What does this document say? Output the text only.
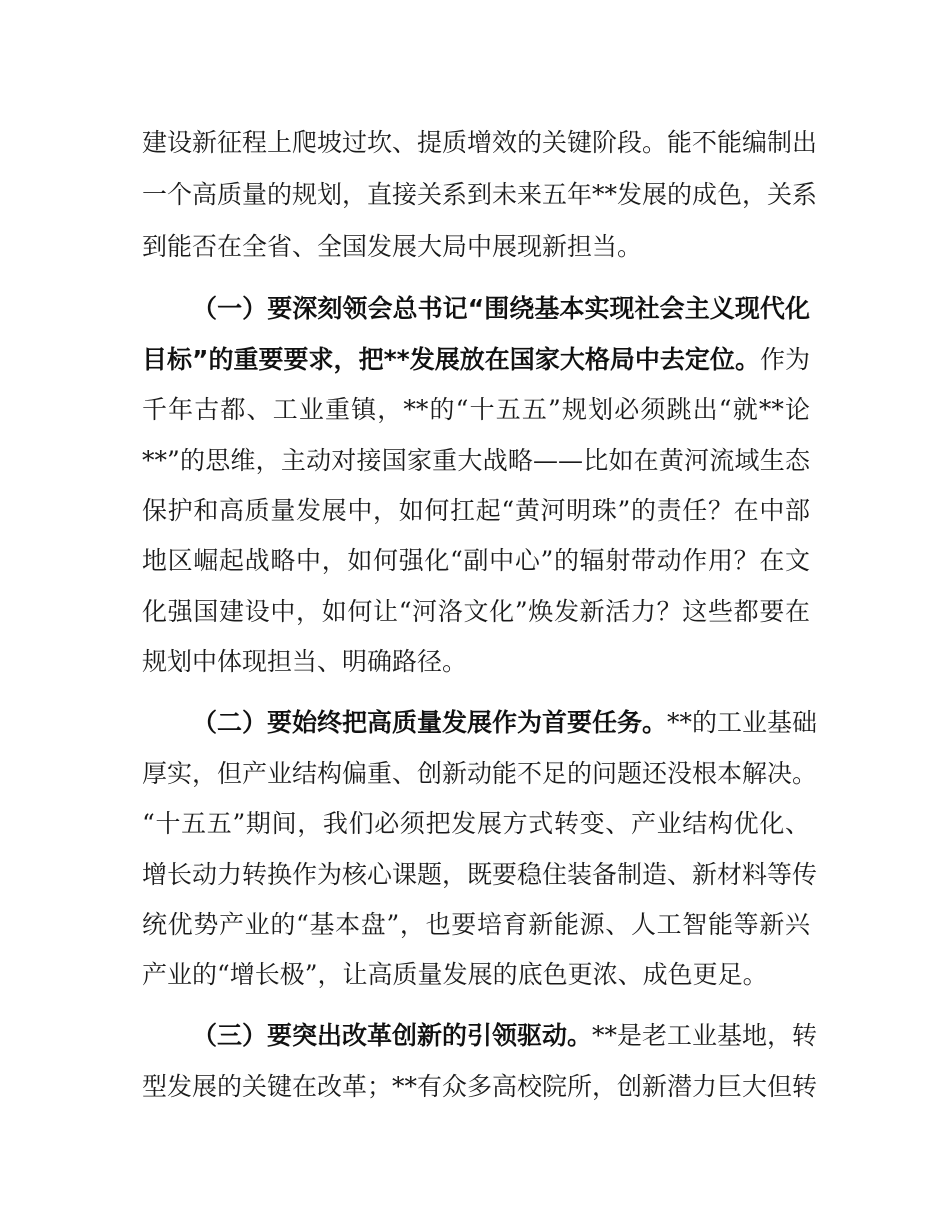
建设新征程上爬坡过坎、提质增效的关键阶段。能不能编制出
一个高质量的规划，直接关系到未来五年**发展的成色，关系
到能否在全省、全国发展大局中展现新担当。
（一）要深刻领会总书记“围绕基本实现社会主义现代化
目标”的重要要求，把**发展放在国家大格局中去定位。作为
千年古都、工业重镇，**的“十五五”规划必须跳出“就**论
**”的思维，主动对接国家重大战略——比如在黄河流域生态
保护和高质量发展中，如何扛起“黄河明珠”的责任？在中部
地区崛起战略中，如何强化“副中心”的辐射带动作用？在文
化强国建设中，如何让“河洛文化”焕发新活力？这些都要在
规划中体现担当、明确路径。
（二）要始终把高质量发展作为首要任务。**的工业基础
厚实，但产业结构偏重、创新动能不足的问题还没根本解决。
“十五五”期间，我们必须把发展方式转变、产业结构优化、
增长动力转换作为核心课题，既要稳住装备制造、新材料等传
统优势产业的“基本盘”，也要培育新能源、人工智能等新兴
产业的“增长极”，让高质量发展的底色更浓、成色更足。
（三）要突出改革创新的引领驱动。**是老工业基地，转
型发展的关键在改革；**有众多高校院所，创新潜力巨大但转
